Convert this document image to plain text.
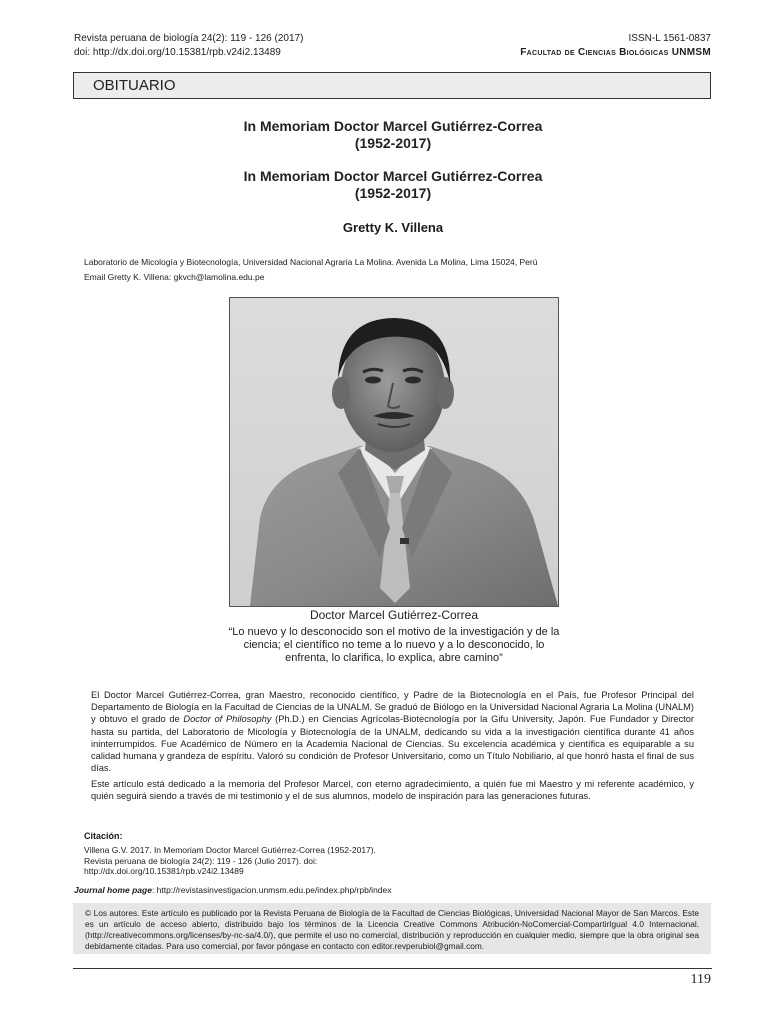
Revista peruana de biología 24(2): 119 - 126 (2017)
doi: http://dx.doi.org/10.15381/rpb.v24i2.13489
ISSN-L 1561-0837
Facultad de Ciencias Biológicas UNMSM
OBITUARIO
In Memoriam Doctor Marcel Gutiérrez-Correa
(1952-2017)
In Memoriam Doctor Marcel Gutiérrez-Correa
(1952-2017)
Gretty K. Villena
Laboratorio de Micología y Biotecnología, Universidad Nacional Agraria La Molina. Avenida La Molina, Lima 15024, Perú
Email Gretty K. Villena: gkvch@lamolina.edu.pe
Doctor Marcel Gutiérrez-Correa
“Lo nuevo y lo desconocido son el motivo de la investigación y de la ciencia; el científico no teme a lo nuevo y a lo desconocido, lo enfrenta, lo clarifica, lo explica, abre camino”
El Doctor Marcel Gutiérrez-Correa, gran Maestro, reconocido científico, y Padre de la Biotecnología en el País, fue Profesor Principal del Departamento de Biología en la Facultad de Ciencias de la UNALM. Se graduó de Biólogo en la Universidad Nacional Agraria La Molina (UNALM) y obtuvo el grado de Doctor of Philosophy (Ph.D.) en Ciencias Agrícolas-Biotecnología por la Gifu University, Japón. Fue Fundador y Director hasta su partida, del Laboratorio de Micología y Biotecnología de la UNALM, dedicando su vida a la investigación científica durante 41 años ininterrumpidos. Fue Académico de Número en la Academia Nacional de Ciencias. Su excelencia académica y científica es equiparable a su calidad humana y grandeza de espíritu. Valoró su condición de Profesor Universitario, como un Título Nobiliario, al que honró hasta el final de sus días.
Este artículo está dedicado a la memoria del Profesor Marcel, con eterno agradecimiento, a quién fue mi Maestro y mi referente académico, y quién seguirá siendo a través de mi testimonio y el de sus alumnos, modelo de inspiración para las generaciones futuras.
Citación:
Villena G.V. 2017. In Memoriam Doctor Marcel Gutiérrez-Correa (1952-2017). Revista peruana de biología 24(2): 119 - 126 (Julio 2017). doi: http://dx.doi.org/10.15381/rpb.v24i2.13489
Journal home page: http://revistasinvestigacion.unmsm.edu.pe/index.php/rpb/index
© Los autores. Este artículo es publicado por la Revista Peruana de Biología de la Facultad de Ciencias Biológicas, Universidad Nacional Mayor de San Marcos. Este es un artículo de acceso abierto, distribuido bajo los términos de la Licencia Creative Commons Atribución-NoComercial-CompartirIgual 4.0 Internacional.(http://creativecommons.org/licenses/by-nc-sa/4.0/), que permite el uso no comercial, distribución y reproducción en cualquier medio, siempre que la obra original sea debidamente citadas. Para uso comercial, por favor póngase en contacto con editor.revperubiol@gmail.com.
119
